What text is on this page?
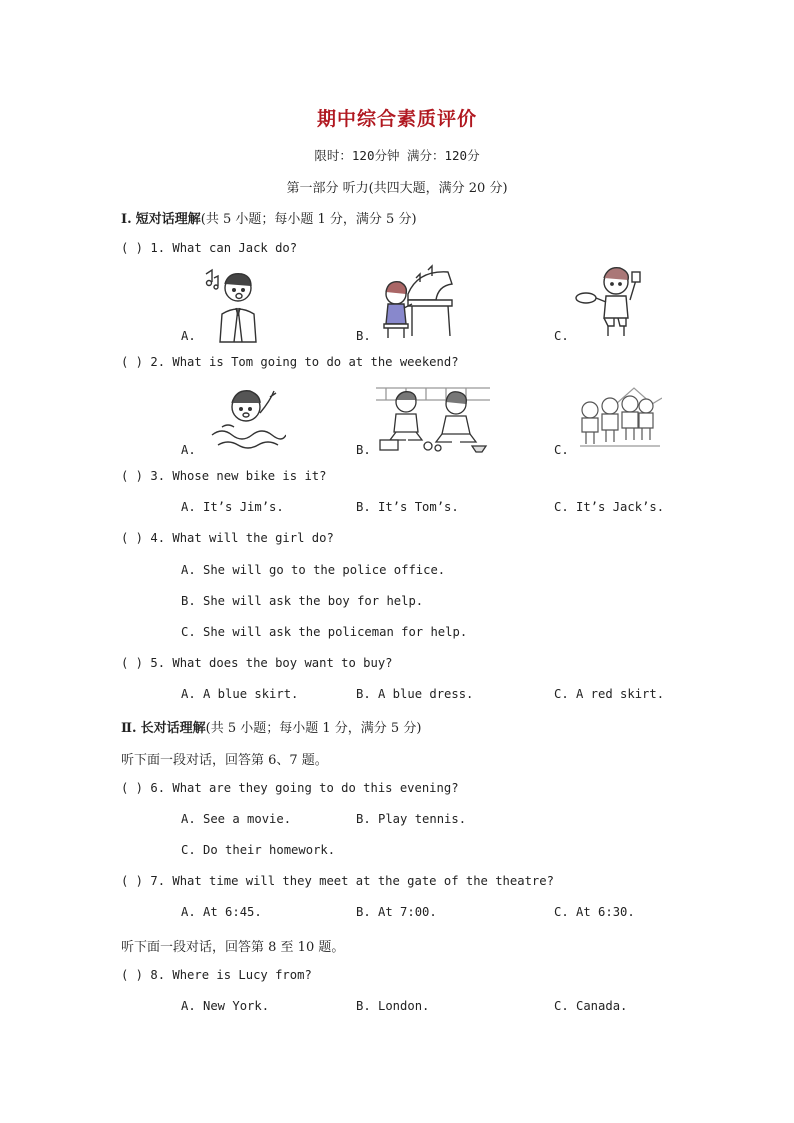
期中综合素质评价
限时：120分钟 满分：120分
第一部分 听力(共四大题，满分 20 分)
I. 短对话理解(共 5 小题；每小题 1 分，满分 5 分)
( ) 1. What can Jack do?
A.	B.	C.
( ) 2. What is Tom going to do at the weekend?
A.	B.	C.
( ) 3. Whose new bike is it?
A. It’s Jim’s.	B. It’s Tom’s.	C. It’s Jack’s.
( ) 4. What will the girl do?
A. She will go to the police office.
B. She will ask the boy for help.
C. She will ask the policeman for help.
( ) 5. What does the boy want to buy?
A. A blue skirt.	B. A blue dress.	C. A red skirt.
Ⅱ. 长对话理解(共 5 小题；每小题 1 分，满分 5 分)
听下面一段对话，回答第 6、7 题。
( ) 6. What are they going to do this evening?
A. See a movie.	B. Play tennis.
C. Do their homework.
( ) 7. What time will they meet at the gate of the theatre?
A. At 6:45.	B. At 7:00.	C. At 6:30.
听下面一段对话，回答第 8 至 10 题。
( ) 8. Where is Lucy from?
A. New York.	B. London.	C. Canada.
